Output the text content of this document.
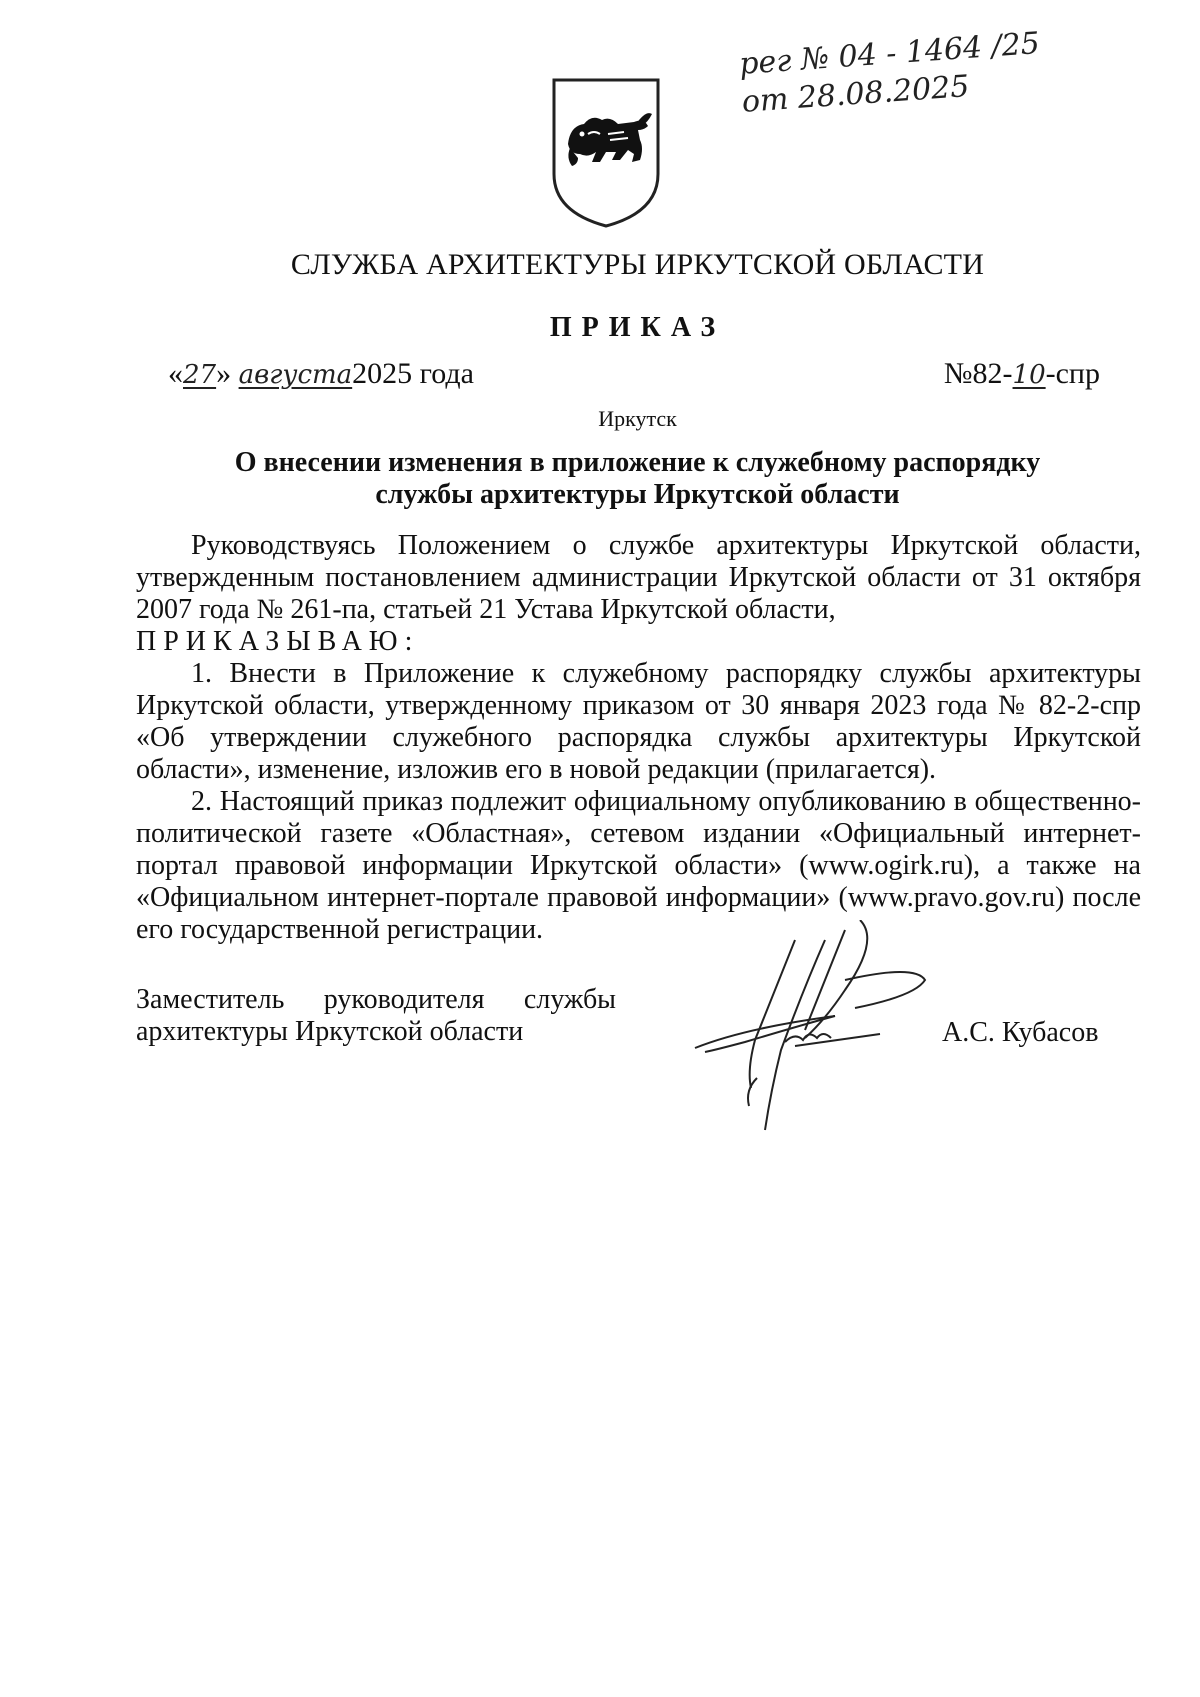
рег № 04 - 1464 /25
от 28.08.2025
СЛУЖБА АРХИТЕКТУРЫ ИРКУТСКОЙ ОБЛАСТИ
ПРИКАЗ
«27» августа2025 года	№82-10-спр
Иркутск
О внесении изменения в приложение к служебному распорядку
службы архитектуры Иркутской области

Руководствуясь Положением о службе архитектуры Иркутской области, утвержденным постановлением администрации Иркутской области от 31 октября 2007 года № 261-па, статьей 21 Устава Иркутской области,

ПРИКАЗЫВАЮ:

1. Внести в Приложение к служебному распорядку службы архитектуры Иркутской области, утвержденному приказом от 30 января 2023 года № 82-2-спр «Об утверждении служебного распорядка службы архитектуры Иркутской области», изменение, изложив его в новой редакции (прилагается).

2. Настоящий приказ подлежит официальному опубликованию в общественно-политической газете «Областная», сетевом издании «Официальный интернет-портал правовой информации Иркутской области» (www.ogirk.ru), а также на «Официальном интернет-портале правовой информации» (www.pravo.gov.ru) после его государственной регистрации.

Заместитель руководителя службы
архитектуры Иркутской области	А.С. Кубасов
